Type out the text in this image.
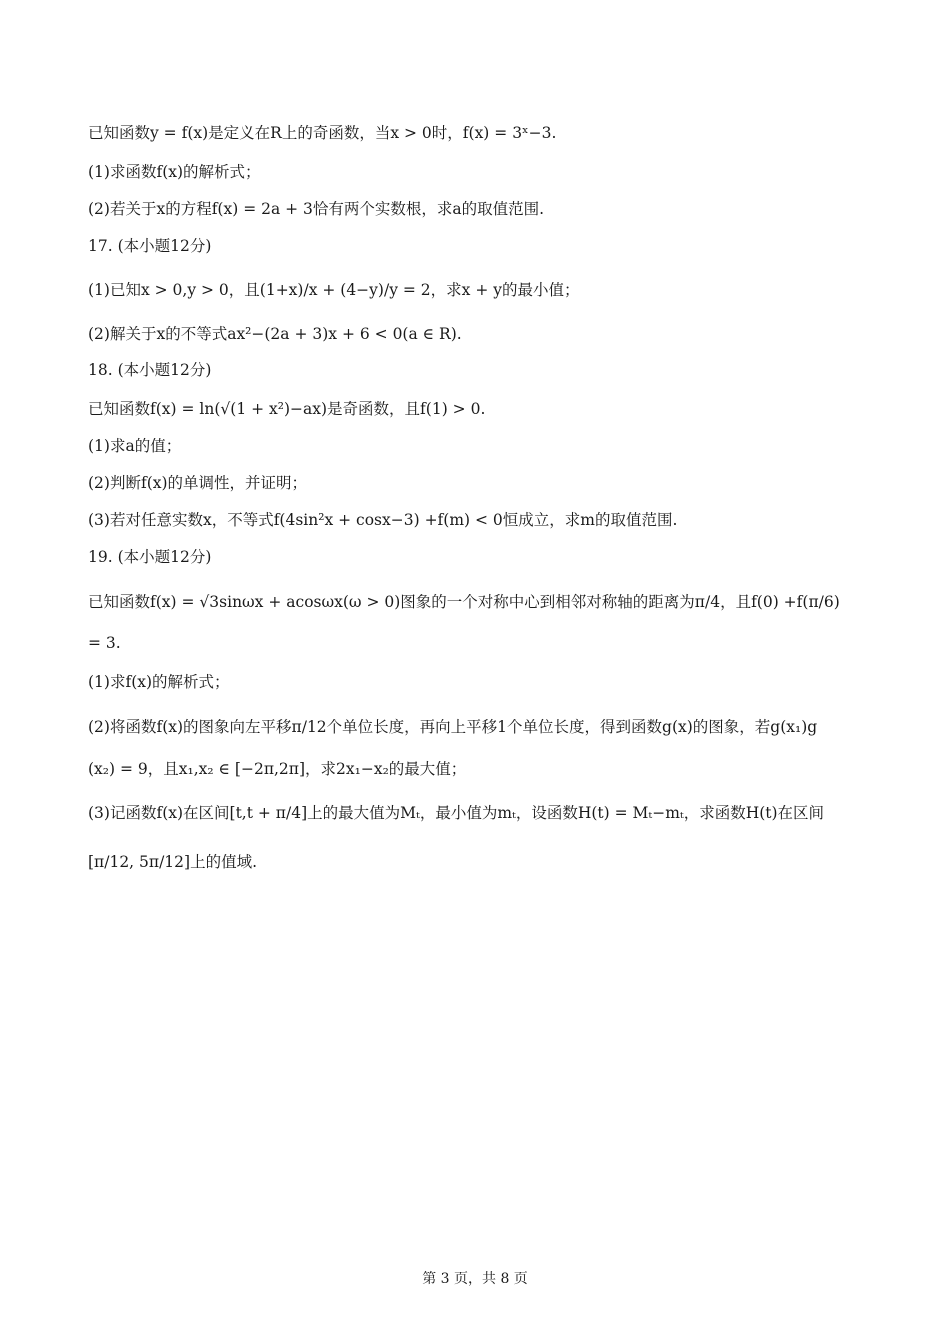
已知函数y = f(x)是定义在R上的奇函数，当x > 0时，f(x) = 3ˣ−3.
(1)求函数f(x)的解析式；
(2)若关于x的方程f(x) = 2a + 3恰有两个实数根，求a的取值范围.
17. (本小题12分)
(1)已知x > 0,y > 0，且(1+x)/x + (4−y)/y = 2，求x + y的最小值；
(2)解关于x的不等式ax²−(2a + 3)x + 6 < 0(a ∈ R).
18. (本小题12分)
已知函数f(x) = ln(√(1 + x²)−ax)是奇函数，且f(1) > 0.
(1)求a的值；
(2)判断f(x)的单调性，并证明；
(3)若对任意实数x，不等式f(4sin²x + cosx−3) +f(m) < 0恒成立，求m的取值范围.
19. (本小题12分)
已知函数f(x) = √3sinωx + acosωx(ω > 0)图象的一个对称中心到相邻对称轴的距离为π/4，且f(0) +f(π/6)
= 3.
(1)求f(x)的解析式；
(2)将函数f(x)的图象向左平移π/12个单位长度，再向上平移1个单位长度，得到函数g(x)的图象，若g(x₁)g
(x₂) = 9，且x₁,x₂ ∈ [−2π,2π]，求2x₁−x₂的最大值；
(3)记函数f(x)在区间[t,t + π/4]上的最大值为Mₜ，最小值为mₜ，设函数H(t) = Mₜ−mₜ，求函数H(t)在区间
[π/12, 5π/12]上的值域.
第 3 页，共 8 页
